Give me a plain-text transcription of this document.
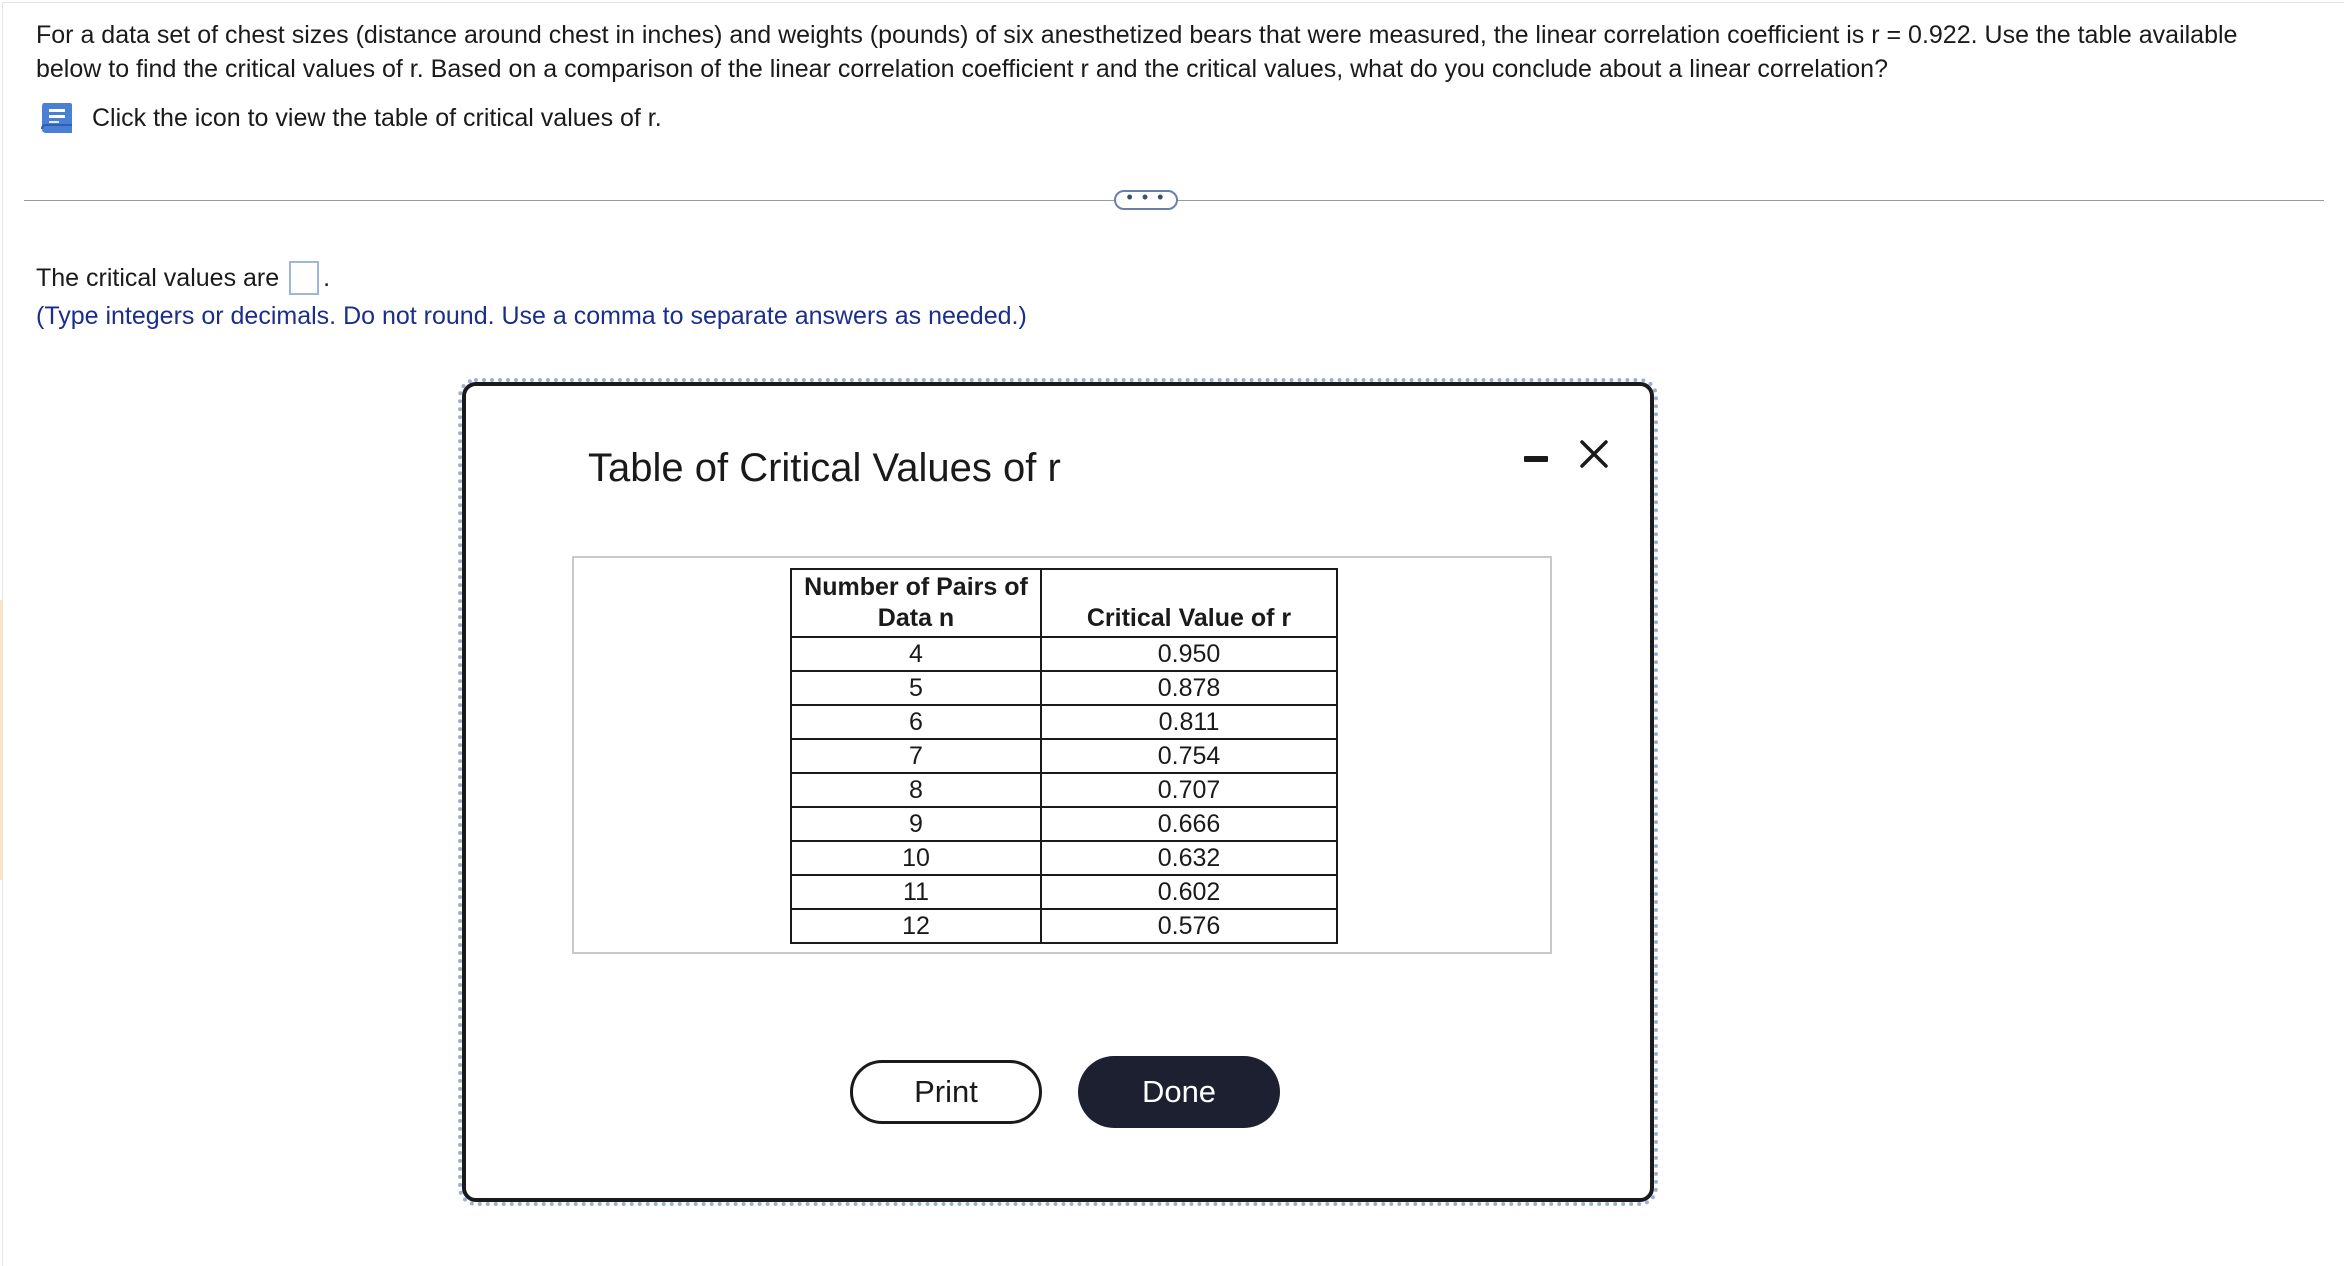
For a data set of chest sizes (distance around chest in inches) and weights (pounds) of six anesthetized bears that were measured, the linear correlation coefficient is r = 0.922. Use the table available below to find the critical values of r. Based on a comparison of the linear correlation coefficient r and the critical values, what do you conclude about a linear correlation?
Click the icon to view the table of critical values of r.
• • •
The critical values are .
(Type integers or decimals. Do not round. Use a comma to separate answers as needed.)
Table of Critical Values of r
Number of Pairs of Data n	Critical Value of r
4	0.950
5	0.878
6	0.811
7	0.754
8	0.707
9	0.666
10	0.632
11	0.602
12	0.576
Print	Done
